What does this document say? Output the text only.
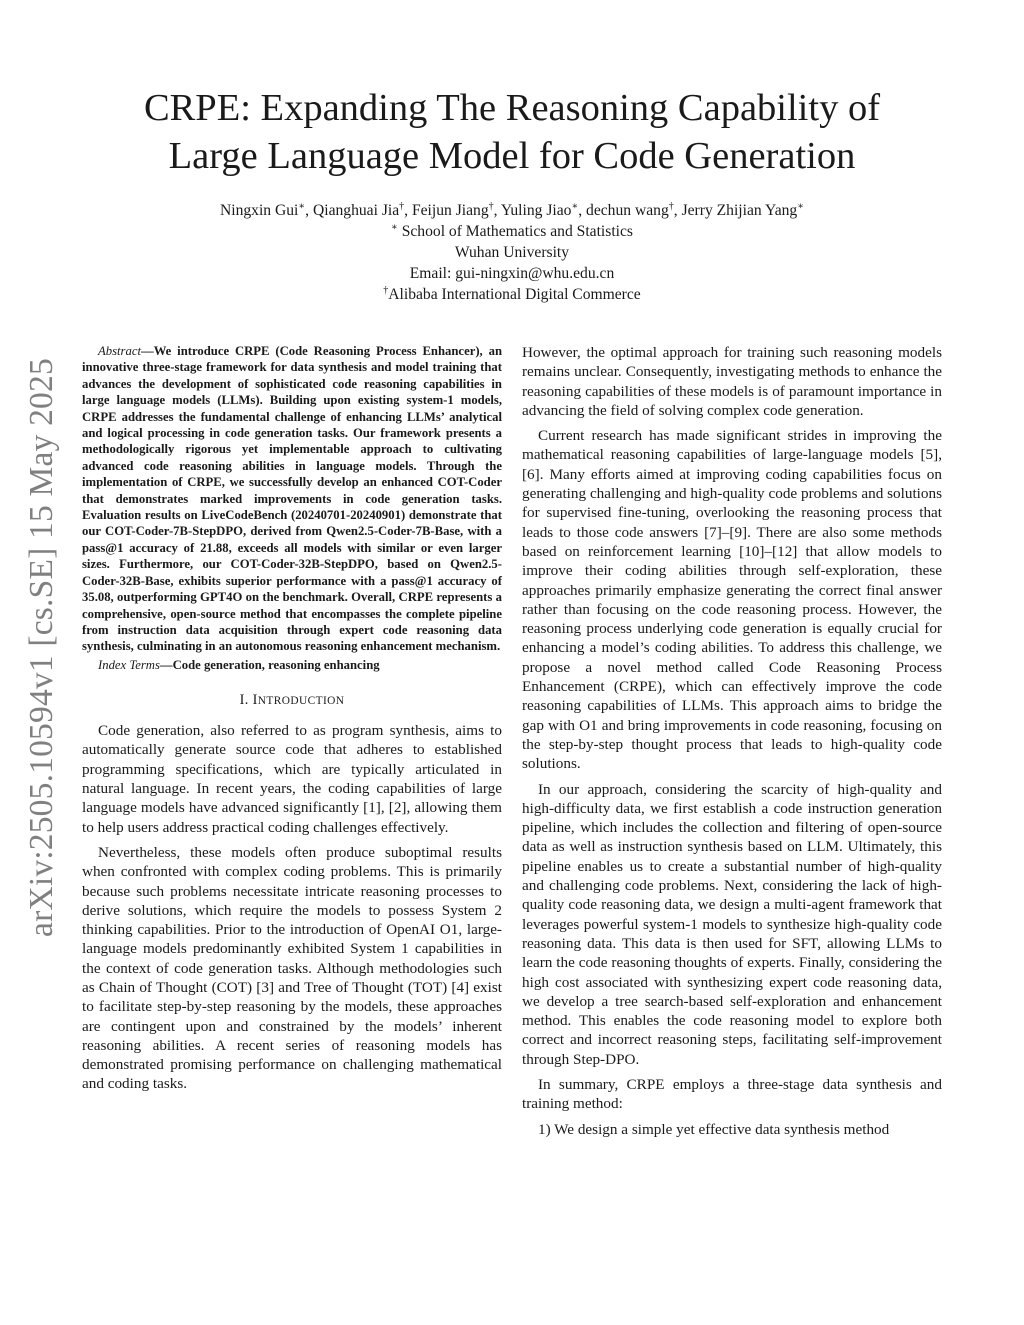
arXiv:2505.10594v1 [cs.SE] 15 May 2025
CRPE: Expanding The Reasoning Capability of
Large Language Model for Code Generation
Ningxin Gui∗, Qianghuai Jia†, Feijun Jiang†, Yuling Jiao∗, dechun wang†, Jerry Zhijian Yang∗
∗ School of Mathematics and Statistics
Wuhan University
Email: gui-ningxin@whu.edu.cn
†Alibaba International Digital Commerce

Abstract—We introduce CRPE (Code Reasoning Process Enhancer), an innovative three-stage framework for data synthesis and model training that advances the development of sophisticated code reasoning capabilities in large language models (LLMs). Building upon existing system-1 models, CRPE addresses the fundamental challenge of enhancing LLMs’ analytical and logical processing in code generation tasks. Our framework presents a methodologically rigorous yet implementable approach to cultivating advanced code reasoning abilities in language models. Through the implementation of CRPE, we successfully develop an enhanced COT-Coder that demonstrates marked improvements in code generation tasks. Evaluation results on LiveCodeBench (20240701-20240901) demonstrate that our COT-Coder-7B-StepDPO, derived from Qwen2.5-Coder-7B-Base, with a pass@1 accuracy of 21.88, exceeds all models with similar or even larger sizes. Furthermore, our COT-Coder-32B-StepDPO, based on Qwen2.5-Coder-32B-Base, exhibits superior performance with a pass@1 accuracy of 35.08, outperforming GPT4O on the benchmark. Overall, CRPE represents a comprehensive, open-source method that encompasses the complete pipeline from instruction data acquisition through expert code reasoning data synthesis, culminating in an autonomous reasoning enhancement mechanism.

Index Terms—Code generation, reasoning enhancing

I. INTRODUCTION

Code generation, also referred to as program synthesis, aims to automatically generate source code that adheres to established programming specifications, which are typically articulated in natural language. In recent years, the coding capabilities of large language models have advanced significantly [1], [2], allowing them to help users address practical coding challenges effectively.

Nevertheless, these models often produce suboptimal results when confronted with complex coding problems. This is primarily because such problems necessitate intricate reasoning processes to derive solutions, which require the models to possess System 2 thinking capabilities. Prior to the introduction of OpenAI O1, large-language models predominantly exhibited System 1 capabilities in the context of code generation tasks. Although methodologies such as Chain of Thought (COT) [3] and Tree of Thought (TOT) [4] exist to facilitate step-by-step reasoning by the models, these approaches are contingent upon and constrained by the models’ inherent reasoning abilities. A recent series of reasoning models has demonstrated promising performance on challenging mathematical and coding tasks.

However, the optimal approach for training such reasoning models remains unclear. Consequently, investigating methods to enhance the reasoning capabilities of these models is of paramount importance in advancing the field of solving complex code generation.

Current research has made significant strides in improving the mathematical reasoning capabilities of large-language models [5], [6]. Many efforts aimed at improving coding capabilities focus on generating challenging and high-quality code problems and solutions for supervised fine-tuning, overlooking the reasoning process that leads to those code answers [7]–[9]. There are also some methods based on reinforcement learning [10]–[12] that allow models to improve their coding abilities through self-exploration, these approaches primarily emphasize generating the correct final answer rather than focusing on the code reasoning process. However, the reasoning process underlying code generation is equally crucial for enhancing a model’s coding abilities. To address this challenge, we propose a novel method called Code Reasoning Process Enhancement (CRPE), which can effectively improve the code reasoning capabilities of LLMs. This approach aims to bridge the gap with O1 and bring improvements in code reasoning, focusing on the step-by-step thought process that leads to high-quality code solutions.

In our approach, considering the scarcity of high-quality and high-difficulty data, we first establish a code instruction generation pipeline, which includes the collection and filtering of open-source data as well as instruction synthesis based on LLM. Ultimately, this pipeline enables us to create a substantial number of high-quality and challenging code problems. Next, considering the lack of high-quality code reasoning data, we design a multi-agent framework that leverages powerful system-1 models to synthesize high-quality code reasoning data. This data is then used for SFT, allowing LLMs to learn the code reasoning thoughts of experts. Finally, considering the high cost associated with synthesizing expert code reasoning data, we develop a tree search-based self-exploration and enhancement method. This enables the code reasoning model to explore both correct and incorrect reasoning steps, facilitating self-improvement through Step-DPO.

In summary, CRPE employs a three-stage data synthesis and training method:

1) We design a simple yet effective data synthesis method
